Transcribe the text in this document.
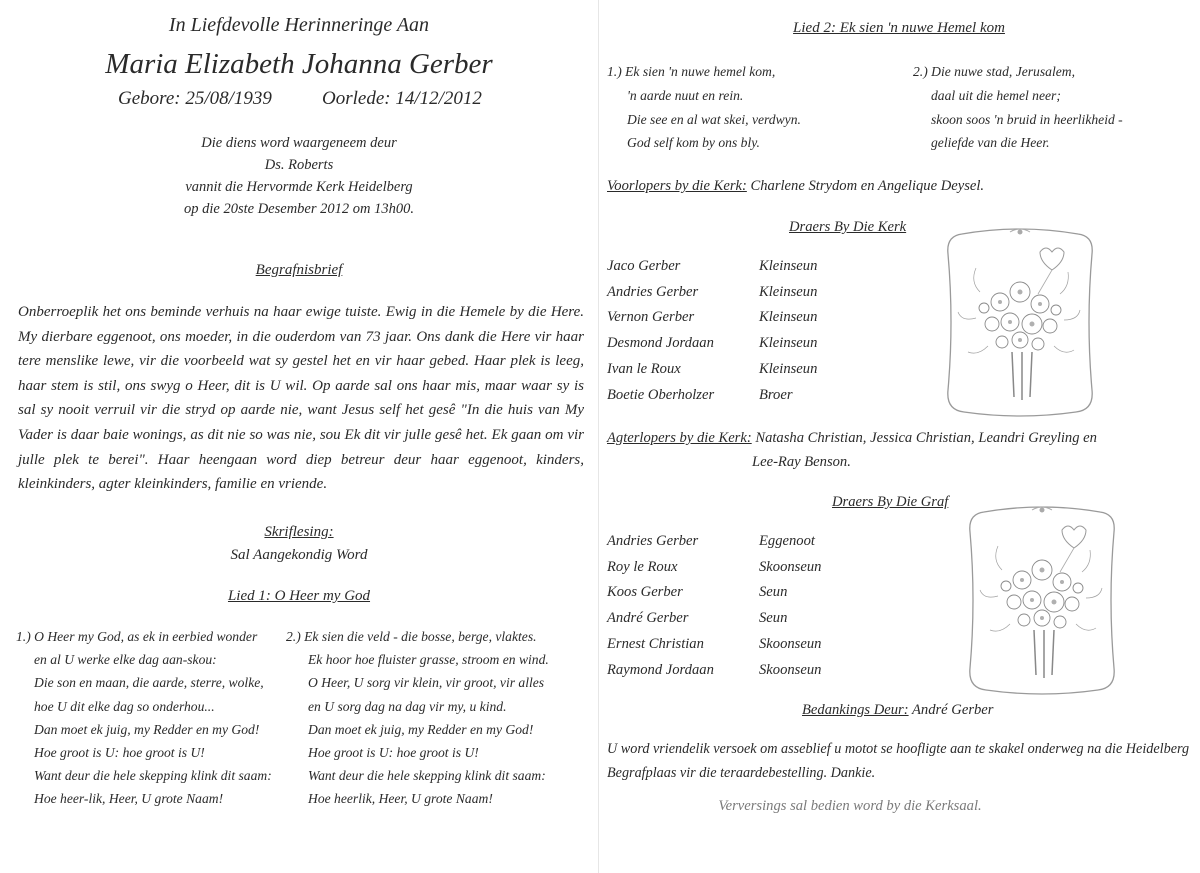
In Liefdevolle Herinneringe Aan
Maria Elizabeth Johanna Gerber
Gebore: 25/08/1939	Oorlede: 14/12/2012
Die diens word waargeneem deur
Ds. Roberts
vannit die Hervormde Kerk Heidelberg
op die 20ste Desember 2012 om 13h00.
Begrafnisbrief
Onberroeplik het ons beminde verhuis na haar ewige tuiste. Ewig in die Hemele by die Here. My dierbare eggenoot, ons moeder, in die ouderdom van 73 jaar. Ons dank die Here vir haar tere menslike lewe, vir die voorbeeld wat sy gestel het en vir haar gebed. Haar plek is leeg, haar stem is stil, ons swyg o Heer, dit is U wil. Op aarde sal ons haar mis, maar waar sy is sal sy nooit verruil vir die stryd op aarde nie, want Jesus self het gesê "In die huis van My Vader is daar baie wonings, as dit nie so was nie, sou Ek dit vir julle gesê het. Ek gaan om vir julle plek te berei". Haar heengaan word diep betreur deur haar eggenoot, kinders, kleinkinders, agter kleinkinders, familie en vriende.
Skriflesing:
Sal Aangekondig Word
Lied 1: O Heer my God
1.) O Heer my God, as ek in eerbied wonder
en al U werke elke dag aan-skou:
Die son en maan, die aarde, sterre, wolke,
hoe U dit elke dag so onderhou...
Dan moet ek juig, my Redder en my God!
Hoe groot is U: hoe groot is U!
Want deur die hele skepping klink dit saam:
Hoe heer-lik, Heer, U grote Naam!
2.) Ek sien die veld - die bosse, berge, vlaktes.
Ek hoor hoe fluister grasse, stroom en wind.
O Heer, U sorg vir klein, vir groot, vir alles
en U sorg dag na dag vir my, u kind.
Dan moet ek juig, my Redder en my God!
Hoe groot is U: hoe groot is U!
Want deur die hele skepping klink dit saam:
Hoe heerlik, Heer, U grote Naam!
Lied 2: Ek sien 'n nuwe Hemel kom
1.) Ek sien 'n nuwe hemel kom,
'n aarde nuut en rein.
Die see en al wat skei, verdwyn.
God self kom by ons bly.
2.) Die nuwe stad, Jerusalem,
daal uit die hemel neer;
skoon soos 'n bruid in heerlikheid -
geliefde van die Heer.
Voorlopers by die Kerk: Charlene Strydom en Angelique Deysel.
Draers By Die Kerk
Jaco Gerber	Kleinseun
Andries Gerber	Kleinseun
Vernon Gerber	Kleinseun
Desmond Jordaan	Kleinseun
Ivan le Roux	Kleinseun
Boetie Oberholzer	Broer
Agterlopers by die Kerk: Natasha Christian, Jessica Christian, Leandri Greyling en
Lee-Ray Benson.
Draers By Die Graf
Andries Gerber	Eggenoot
Roy le Roux	Skoonseun
Koos Gerber	Seun
André Gerber	Seun
Ernest Christian	Skoonseun
Raymond Jordaan	Skoonseun
Bedankings Deur: André Gerber
U word vriendelik versoek om asseblief u motot se hoofligte aan te skakel onderweg na die Heidelberg
Begrafplaas vir die teraardebestelling. Dankie.
Verversings sal bedien word by die Kerksaal.
